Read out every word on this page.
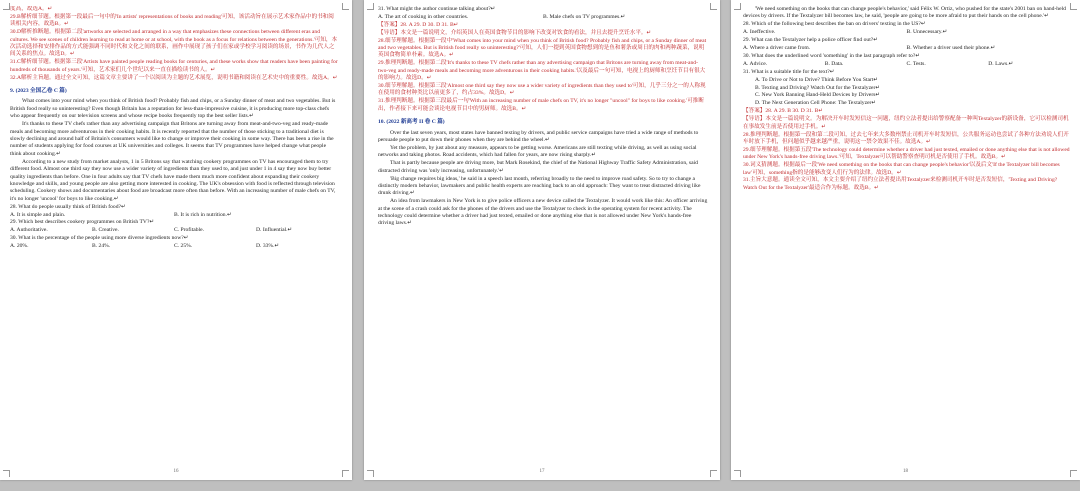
度高，故选A。↵
29.B解析细节题。根据第一段最后一句中的'In artists' representations of books and reading'可知，该活动旨在展示艺术家作品中的书和阅读相关内容，故选B。↵
30.D解析推断题。根据第二段'artworks are selected and arranged in a way that emphasizes these connections between different eras and cultures. We see scenes of children learning to read at home or at school, with the book as a focus for relations between the generations.'可知，本次活动选择和安排作品的方式能强调不同时代和文化之间的联系，画作中展现了孩子们在家或学校学习阅读的场景，书作为几代人之间关系的焦点。故选D。↵
31.C解析细节题。根据第三段'Artists have painted people reading books for centuries, and these works show that readers have been painting for hundreds of thousands of years.'可知，艺术家们几个世纪以来一直在描绘读书的人。↵
32.A解析主旨题。通过全文可知，这篇文章主要讲了一个以阅读为主题的艺术展览，说明书籍和阅读在艺术史中的重要性。故选A。↵
9. (2023 全国乙卷 C 篇)
What comes into your mind when you think of British food? Probably fish and chips, or a Sunday dinner of meat and two vegetables. But is British food really so uninteresting? Even though Britain has a reputation for less-than-impressive cuisine, it is producing more top-class chefs who appear frequently on our television screens and whose recipe books frequently top the best seller lists.↵
It's thanks to these TV chefs rather than any advertising campaign that Britons are turning away from meat-and-two-veg and ready-made meals and becoming more adventurous in their cooking habits. It is recently reported that the number of those sticking to a traditional diet is slowly declining and around half of Britain's consumers would like to change or improve their cooking in some way. There has been a rise in the number of students applying for food courses at UK universities and colleges. It seems that TV programmes have helped change what people think about cooking.↵
According to a new study from market analysts, 1 in 5 Britons say that watching cookery programmes on TV has encouraged them to try different food. Almost one third say they now use a wider variety of ingredients than they used to, and just under 1 in 4 say they now buy better quality ingredients than before. One in four adults say that TV chefs have made them much more confident about expanding their cookery knowledge and skills, and young people are also getting more interested in cooking. The UK's obsession with food is reflected through television scheduling. Cookery shows and documentaries about food are broadcast more often than before. With an increasing number of male chefs on TV, it's no longer 'uncool' for boys to like cooking.↵
28. What do people usually think of British food?↵
A. It is simple and plain.	B. It is rich in nutrition.↵
29. Which best describes cookery programmes on British TV?↵
A. Authoritative.	B. Creative.	C. Profitable.	D. Influential.↵
30. What is the percentage of the people using more diverse ingredients now?↵
A. 20%.	B. 24%.	C. 25%.	D. 33%.↵
16
31. What might the author continue talking about?↵
A. The art of cooking in other countries.	B. Male chefs on TV programmes.↵
【答案】28. A 29. D 30. D 31. B↵
【导语】本文是一篇说明文，介绍英国人在英国食物节目的影响下改变对饮食的看法，并且去提升烹饪水平。↵
28.细节理解题。根据第一段中'What comes into your mind when you think of British food? Probably fish and chips, or a Sunday dinner of meat and two vegetables. But is British food really so uninteresting?'可知，人们一提到英国食物想到的是鱼和薯条或周日的肉和两种蔬菜，说明英国食物简单朴素。故选A。↵
29.推理判断题。根据第二段'It's thanks to these TV chefs rather than any advertising campaign that Britons are turning away from meat-and-two-veg and ready-made meals and becoming more adventurous in their cooking habits.'以及最后一句可知，电视上的厨师和烹饪节目有很大的影响力。故选D。↵
30.细节理解题。根据第三段'Almost one third say they now use a wider variety of ingredients than they used to'可知，几乎三分之一的人称现在使用的食材种类比以前更多了，约占33%。故选D。↵
31.推理判断题。根据第三段最后一句'With an increasing number of male chefs on TV, it's no longer "uncool" for boys to like cooking.'可推断出，作者接下来可能会谈论电视节目中的男厨师。故选B。↵
10. (2022 新高考 II 卷 C 篇)
Over the last seven years, most states have banned texting by drivers, and public service campaigns have tried a wide range of methods to persuade people to put down their phones when they are behind the wheel.↵
Yet the problem, by just about any measure, appears to be getting worse. Americans are still texting while driving, as well as using social networks and taking photos. Road accidents, which had fallen for years, are now rising sharply.↵
That is partly because people are driving more, but Mark Rosekind, the chief of the National Highway Traffic Safety Administration, said distracted driving was 'only increasing, unfortunately.'↵
'Big change requires big ideas,' he said in a speech last month, referring broadly to the need to improve road safety. So to try to change a distinctly modern behavior, lawmakers and public health experts are reaching back to an old approach: They want to treat distracted driving like drunk driving.↵
An idea from lawmakers in New York is to give police officers a new device called the Textalyzer. It would work like this: An officer arriving at the scene of a crash could ask for the phones of the drivers and use the Textalyzer to check in the operating system for recent activity. The technology could determine whether a driver had just texted, emailed or done anything else that is not allowed under New York's hands-free driving laws.↵
17
'We need something on the books that can change people's behavior,' said Félix W. Ortiz, who pushed for the state's 2001 ban on hand-held devices by drivers. If the Textalyzer bill becomes law, he said, 'people are going to be more afraid to put their hands on the cell phone.'↵
28. Which of the following best describes the ban on drivers' texting in the US?↵
A. Ineffective.	B. Unnecessary.↵
29. What can the Textalyzer help a police officer find out?↵
A. Where a driver came from.	B. Whether a driver used their phone.↵
30. What does the underlined word 'something' in the last paragraph refer to?↵
A. Advice.	B. Data.	C. Tests.	D. Laws.↵
31. What is a suitable title for the text?↵
A. To Drive or Not to Drive? Think Before You Start↵
B. Texting and Driving? Watch Out for the Textalyzer↵
C. New York Banning Hand-Held Devices by Drivers↵
D. The Next Generation Cell Phone: The Textalyzer↵
【答案】28. A 29. B 30. D 31. B↵
【导语】本文是一篇说明文。为解决开车时发短信这一问题，纽约立法者提出给警察配备一种叫Textalyzer的新设备，它可以检测司机在事故发生前是否使用过手机。↵
28.推理判断题。根据第一段和第二段可知，过去七年来大多数州禁止司机开车时发短信，公共服务运动也尝试了各种方法劝说人们开车时放下手机，但问题似乎越来越严重，说明这一禁令效果不佳。故选A。↵
29.细节理解题。根据第五段'The technology could determine whether a driver had just texted, emailed or done anything else that is not allowed under New York's hands-free driving laws.'可知，Textalyzer可以帮助警察查明司机是否使用了手机。故选B。↵
30.词义猜测题。根据最后一段'We need something on the books that can change people's behavior'以及后文'If the Textalyzer bill becomes law'可知，something指的是能够改变人们行为的法律。故选D。↵
31.主旨大意题。通读全文可知，本文主要介绍了纽约立法者提出用Textalyzer来检测司机开车时是否发短信，'Texting and Driving? Watch Out for the Textalyzer'最适合作为标题。故选B。↵
18
